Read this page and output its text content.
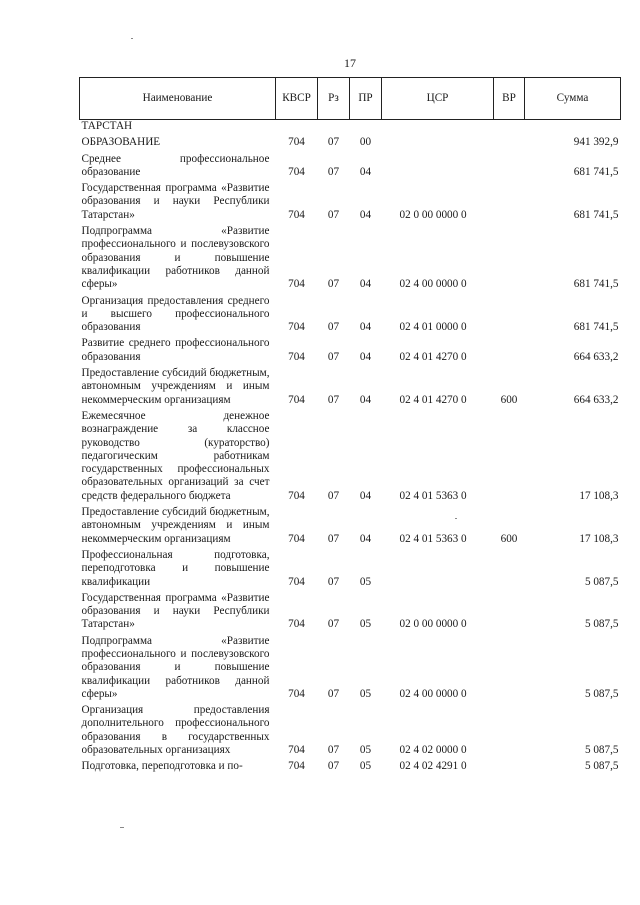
17
Наименование	КВСР	Рз	ПР	ЦСР	ВР	Сумма
ТАРСТАН						
ОБРАЗОВАНИЕ	704	07	00			941 392,9
Среднее профессиональное образование	704	07	04			681 741,5
Государственная программа «Развитие образования и науки Республики Татарстан»	704	07	04	02 0 00 0000 0		681 741,5
Подпрограмма «Развитие профессионального и послевузовского образования и повышение квалификации работников данной сферы»	704	07	04	02 4 00 0000 0		681 741,5
Организация предоставления среднего и высшего профессионального образования	704	07	04	02 4 01 0000 0		681 741,5
Развитие среднего профессионального образования	704	07	04	02 4 01 4270 0		664 633,2
Предоставление субсидий бюджетным, автономным учреждениям и иным некоммерческим организациям	704	07	04	02 4 01 4270 0	600	664 633,2
Ежемесячное денежное вознаграждение за классное руководство (кураторство) педагогическим работникам государственных профессиональных образовательных организаций за счет средств федерального бюджета	704	07	04	02 4 01 5363 0		17 108,3
Предоставление субсидий бюджетным, автономным учреждениям и иным некоммерческим организациям	704	07	04	02 4 01 5363 0	600	17 108,3
Профессиональная подготовка, переподготовка и повышение квалификации	704	07	05			5 087,5
Государственная программа «Развитие образования и науки Республики Татарстан»	704	07	05	02 0 00 0000 0		5 087,5
Подпрограмма «Развитие профессионального и послевузовского образования и повышение квалификации работников данной сферы»	704	07	05	02 4 00 0000 0		5 087,5
Организация предоставления дополнительного профессионального образования в государственных образовательных организациях	704	07	05	02 4 02 0000 0		5 087,5
Подготовка, переподготовка и по-	704	07	05	02 4 02 4291 0		5 087,5
